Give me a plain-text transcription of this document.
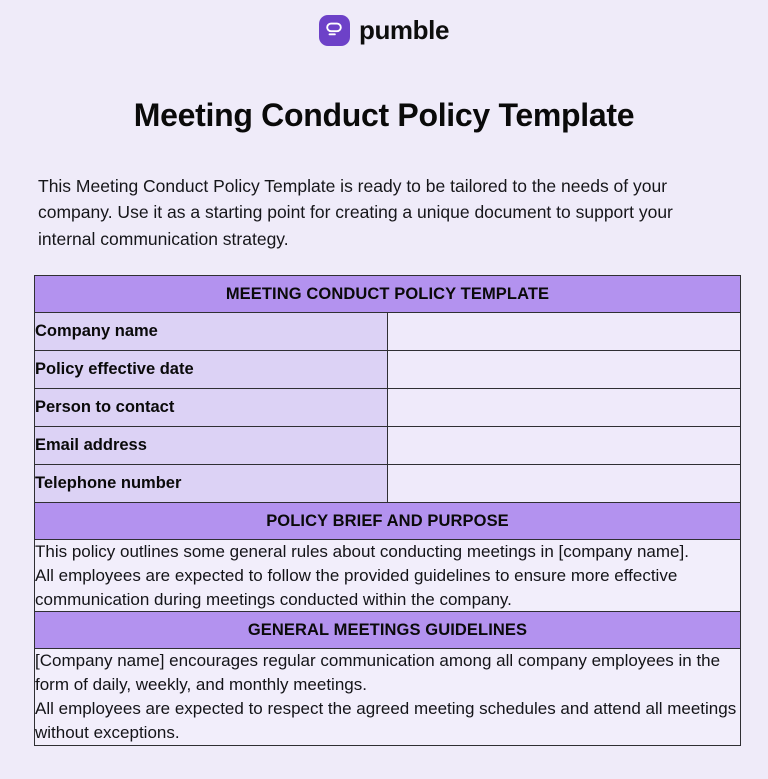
pumble
Meeting Conduct Policy Template

This Meeting Conduct Policy Template is ready to be tailored to the needs of your company. Use it as a starting point for creating a unique document to support your internal communication strategy.

MEETING CONDUCT POLICY TEMPLATE	
Company name	
Policy effective date	
Person to contact	
Email address	
Telephone number	
POLICY BRIEF AND PURPOSE	

This policy outlines some general rules about conducting meetings in [company name].

All employees are expected to follow the provided guidelines to ensure more effective communication during meetings conducted within the company.	

GENERAL MEETINGS GUIDELINES	

[Company name] encourages regular communication among all company employees in the form of daily, weekly, and monthly meetings.

All employees are expected to respect the agreed meeting schedules and attend all meetings without exceptions.	
